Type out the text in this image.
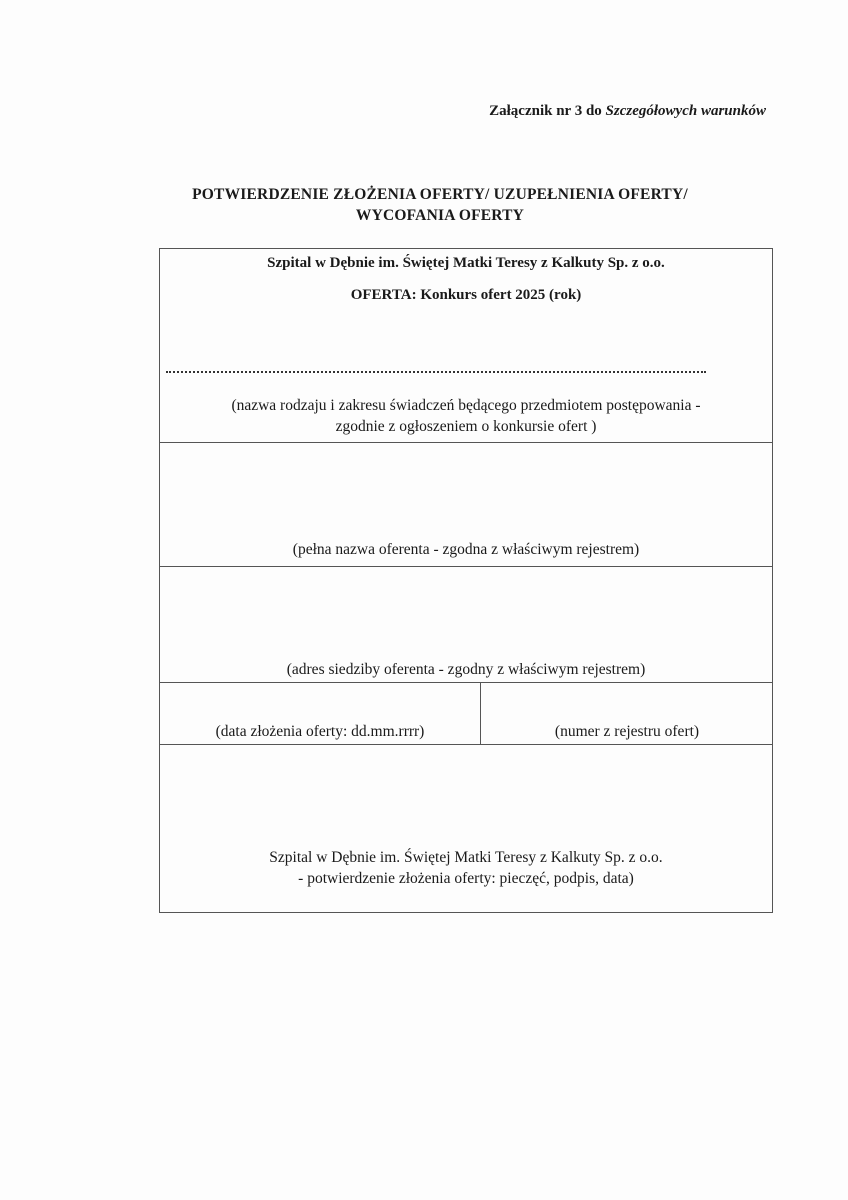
Załącznik nr 3 do Szczegółowych warunków
POTWIERDZENIE ZŁOŻENIA OFERTY/ UZUPEŁNIENIA OFERTY/
WYCOFANIA OFERTY
Szpital w Dębnie im. Świętej Matki Teresy z Kalkuty Sp. z o.o.
OFERTA: Konkurs ofert 2025 (rok)
(nazwa rodzaju i zakresu świadczeń będącego przedmiotem postępowania -
zgodnie z ogłoszeniem o konkursie ofert )
(pełna nazwa oferenta - zgodna z właściwym rejestrem)
(adres siedziby oferenta - zgodny z właściwym rejestrem)
(data złożenia oferty: dd.mm.rrrr)	(numer z rejestru ofert)
Szpital w Dębnie im. Świętej Matki Teresy z Kalkuty Sp. z o.o.
- potwierdzenie złożenia oferty: pieczęć, podpis, data)
